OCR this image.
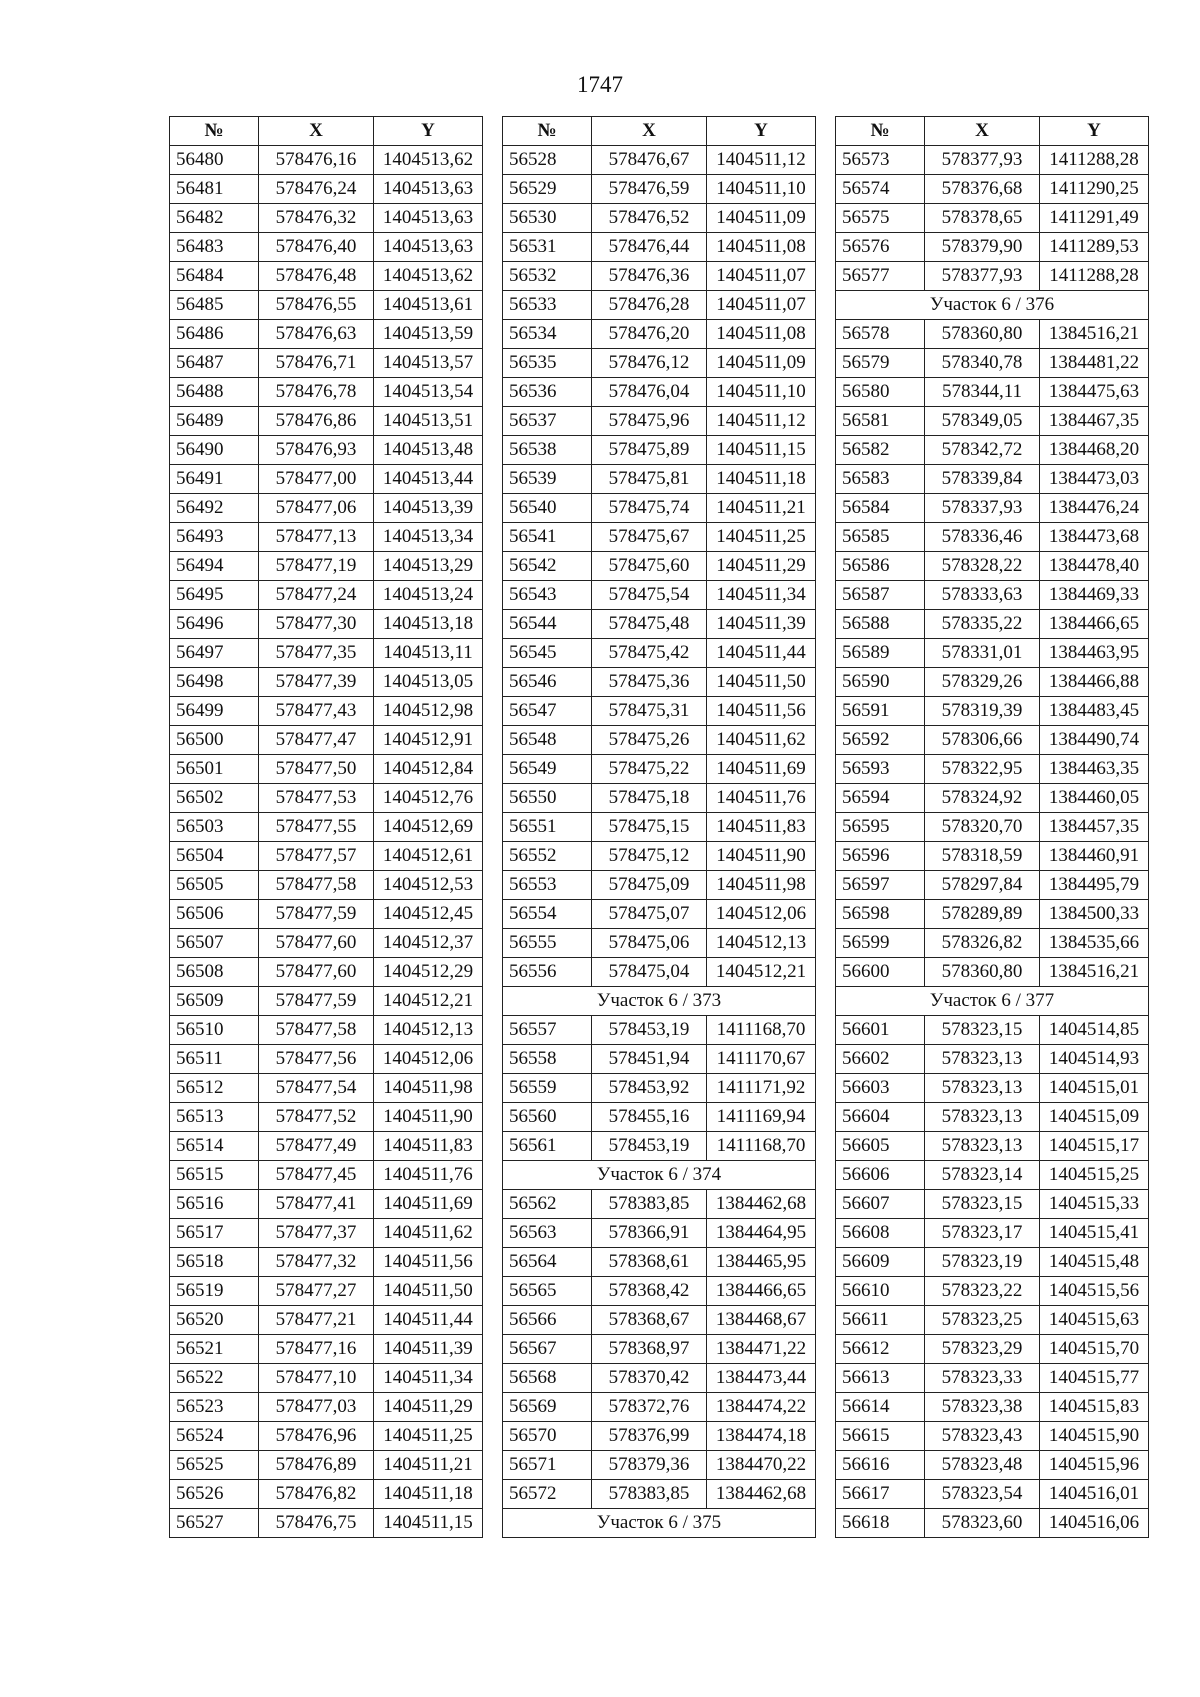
1747
№	X	Y
56480	578476,16	1404513,62
56481	578476,24	1404513,63
56482	578476,32	1404513,63
56483	578476,40	1404513,63
56484	578476,48	1404513,62
56485	578476,55	1404513,61
56486	578476,63	1404513,59
56487	578476,71	1404513,57
56488	578476,78	1404513,54
56489	578476,86	1404513,51
56490	578476,93	1404513,48
56491	578477,00	1404513,44
56492	578477,06	1404513,39
56493	578477,13	1404513,34
56494	578477,19	1404513,29
56495	578477,24	1404513,24
56496	578477,30	1404513,18
56497	578477,35	1404513,11
56498	578477,39	1404513,05
56499	578477,43	1404512,98
56500	578477,47	1404512,91
56501	578477,50	1404512,84
56502	578477,53	1404512,76
56503	578477,55	1404512,69
56504	578477,57	1404512,61
56505	578477,58	1404512,53
56506	578477,59	1404512,45
56507	578477,60	1404512,37
56508	578477,60	1404512,29
56509	578477,59	1404512,21
56510	578477,58	1404512,13
56511	578477,56	1404512,06
56512	578477,54	1404511,98
56513	578477,52	1404511,90
56514	578477,49	1404511,83
56515	578477,45	1404511,76
56516	578477,41	1404511,69
56517	578477,37	1404511,62
56518	578477,32	1404511,56
56519	578477,27	1404511,50
56520	578477,21	1404511,44
56521	578477,16	1404511,39
56522	578477,10	1404511,34
56523	578477,03	1404511,29
56524	578476,96	1404511,25
56525	578476,89	1404511,21
56526	578476,82	1404511,18
56527	578476,75	1404511,15
№	X	Y
56528	578476,67	1404511,12
56529	578476,59	1404511,10
56530	578476,52	1404511,09
56531	578476,44	1404511,08
56532	578476,36	1404511,07
56533	578476,28	1404511,07
56534	578476,20	1404511,08
56535	578476,12	1404511,09
56536	578476,04	1404511,10
56537	578475,96	1404511,12
56538	578475,89	1404511,15
56539	578475,81	1404511,18
56540	578475,74	1404511,21
56541	578475,67	1404511,25
56542	578475,60	1404511,29
56543	578475,54	1404511,34
56544	578475,48	1404511,39
56545	578475,42	1404511,44
56546	578475,36	1404511,50
56547	578475,31	1404511,56
56548	578475,26	1404511,62
56549	578475,22	1404511,69
56550	578475,18	1404511,76
56551	578475,15	1404511,83
56552	578475,12	1404511,90
56553	578475,09	1404511,98
56554	578475,07	1404512,06
56555	578475,06	1404512,13
56556	578475,04	1404512,21
Участок 6 / 373		
56557	578453,19	1411168,70
56558	578451,94	1411170,67
56559	578453,92	1411171,92
56560	578455,16	1411169,94
56561	578453,19	1411168,70
Участок 6 / 374		
56562	578383,85	1384462,68
56563	578366,91	1384464,95
56564	578368,61	1384465,95
56565	578368,42	1384466,65
56566	578368,67	1384468,67
56567	578368,97	1384471,22
56568	578370,42	1384473,44
56569	578372,76	1384474,22
56570	578376,99	1384474,18
56571	578379,36	1384470,22
56572	578383,85	1384462,68
Участок 6 / 375		
№	X	Y
56573	578377,93	1411288,28
56574	578376,68	1411290,25
56575	578378,65	1411291,49
56576	578379,90	1411289,53
56577	578377,93	1411288,28
Участок 6 / 376		
56578	578360,80	1384516,21
56579	578340,78	1384481,22
56580	578344,11	1384475,63
56581	578349,05	1384467,35
56582	578342,72	1384468,20
56583	578339,84	1384473,03
56584	578337,93	1384476,24
56585	578336,46	1384473,68
56586	578328,22	1384478,40
56587	578333,63	1384469,33
56588	578335,22	1384466,65
56589	578331,01	1384463,95
56590	578329,26	1384466,88
56591	578319,39	1384483,45
56592	578306,66	1384490,74
56593	578322,95	1384463,35
56594	578324,92	1384460,05
56595	578320,70	1384457,35
56596	578318,59	1384460,91
56597	578297,84	1384495,79
56598	578289,89	1384500,33
56599	578326,82	1384535,66
56600	578360,80	1384516,21
Участок 6 / 377		
56601	578323,15	1404514,85
56602	578323,13	1404514,93
56603	578323,13	1404515,01
56604	578323,13	1404515,09
56605	578323,13	1404515,17
56606	578323,14	1404515,25
56607	578323,15	1404515,33
56608	578323,17	1404515,41
56609	578323,19	1404515,48
56610	578323,22	1404515,56
56611	578323,25	1404515,63
56612	578323,29	1404515,70
56613	578323,33	1404515,77
56614	578323,38	1404515,83
56615	578323,43	1404515,90
56616	578323,48	1404515,96
56617	578323,54	1404516,01
56618	578323,60	1404516,06
